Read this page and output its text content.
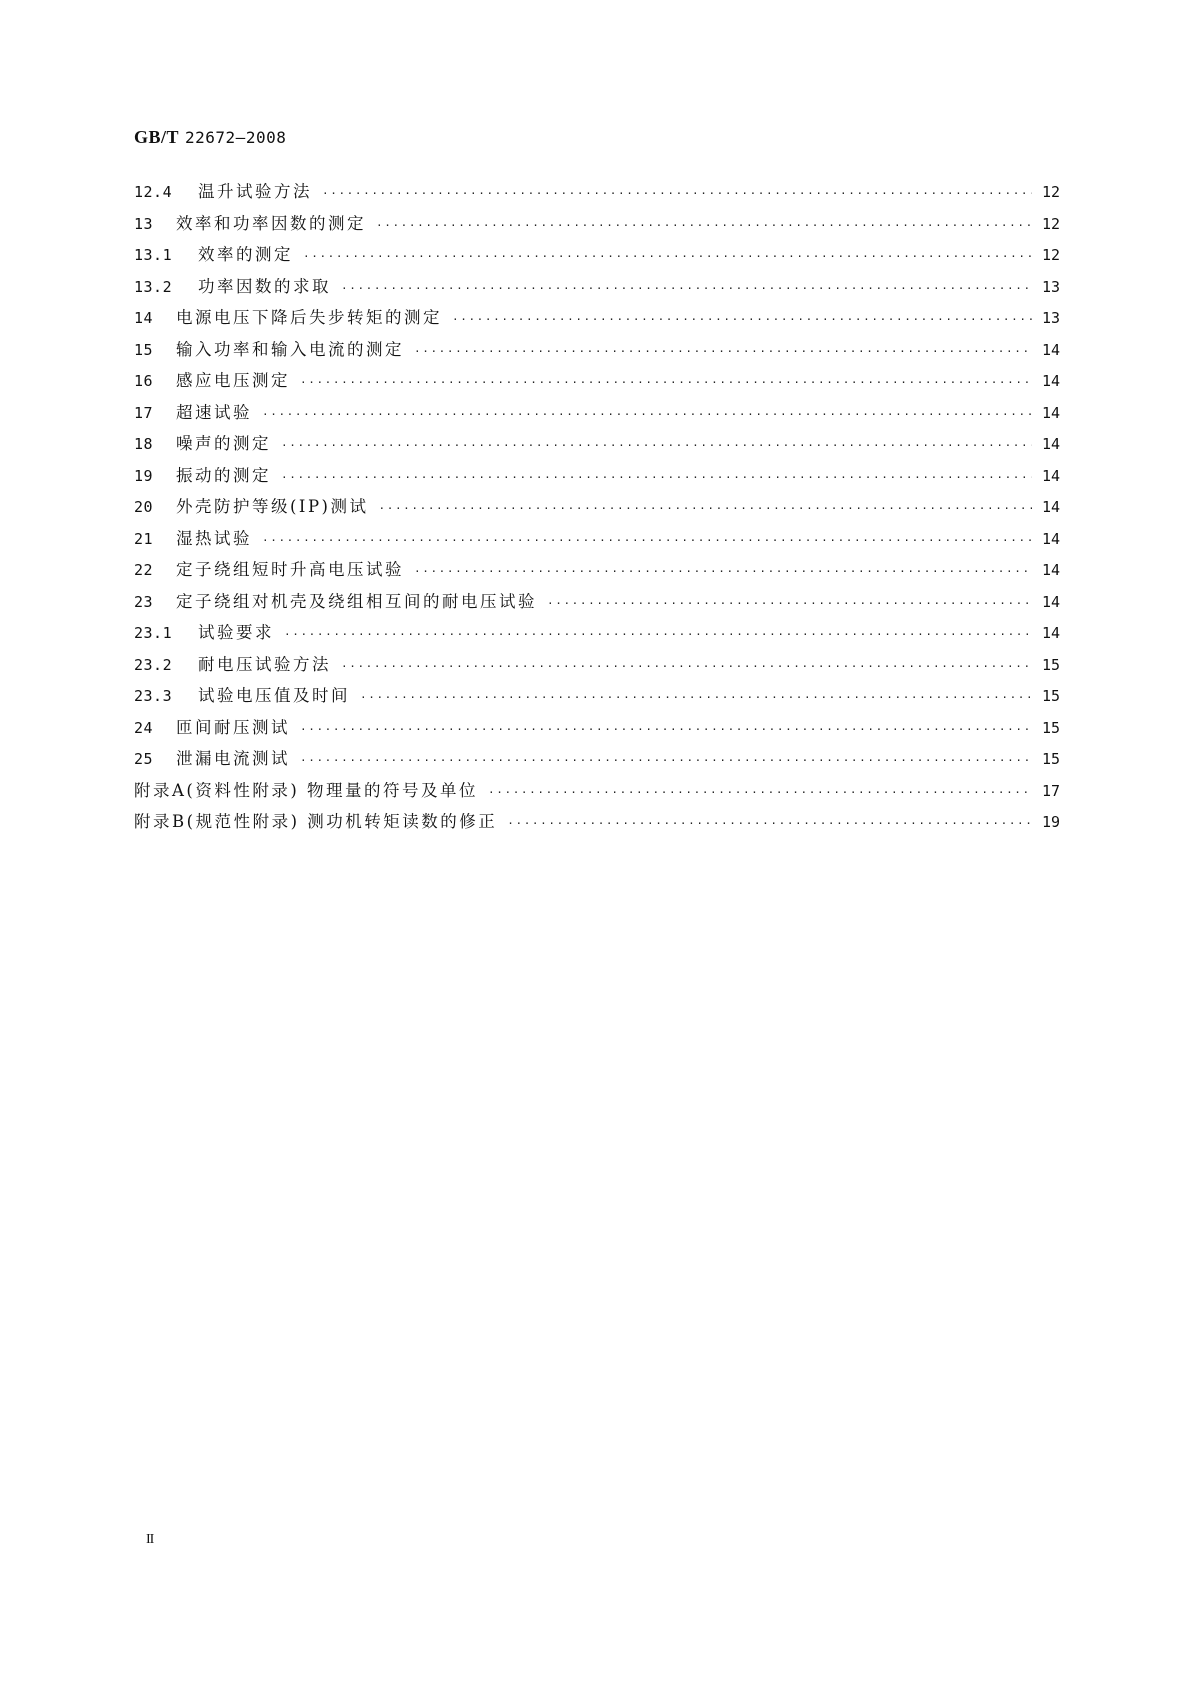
GB/T 22672—2008
12.4	温升试验方法 ·····	12
13	效率和功率因数的测定 ·····	12
13.1	效率的测定 ·····	12
13.2	功率因数的求取 ·····	13
14	电源电压下降后失步转矩的测定 ·····	13
15	输入功率和输入电流的测定 ·····	14
16	感应电压测定 ·····	14
17	超速试验 ·····	14
18	噪声的测定 ·····	14
19	振动的测定 ·····	14
20	外壳防护等级(IP)测试 ·····	14
21	湿热试验 ·····	14
22	定子绕组短时升高电压试验 ·····	14
23	定子绕组对机壳及绕组相互间的耐电压试验 ·····	14
23.1	试验要求 ·····	14
23.2	耐电压试验方法 ·····	15
23.3	试验电压值及时间 ·····	15
24	匝间耐压测试 ·····	15
25	泄漏电流测试 ·····	15
附录A(资料性附录) 物理量的符号及单位 ·····	17
附录B(规范性附录) 测功机转矩读数的修正 ·····	19
II
